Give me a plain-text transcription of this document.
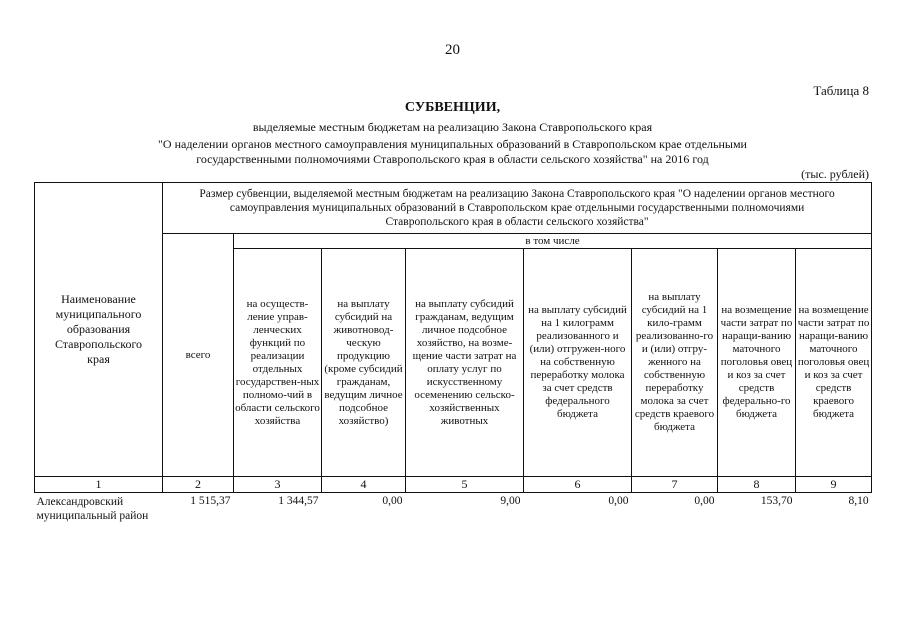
20
Таблица 8
СУБВЕНЦИИ,
выделяемые местным бюджетам на реализацию Закона Ставропольского края
"О наделении органов местного самоуправления муниципальных образований в Ставропольском крае отдельными
государственными полномочиями Ставропольского края в области сельского хозяйства" на 2016 год
(тыс. рублей)
Наименование муниципального образования Ставропольского края	Размер субвенции, выделяемой местным бюджетам на реализацию Закона Ставропольского края "О наделении органов местного самоуправления муниципальных образований в Ставропольском крае отдельными государственными полномочиями Ставропольского края в области сельского хозяйства"							
	всего	в том числе						
		на осуществ-ление управ-ленческих функций по реализации отдельных государствен-ных полномо-чий в области сельского хозяйства	на выплату субсидий на животновод-ческую продукцию (кроме субсидий гражданам, ведущим личное подсобное хозяйство)	на выплату субсидий гражданам, ведущим личное подсобное хозяйство, на возме-щение части затрат на оплату услуг по искусственному осеменению сельско-хозяйственных животных	на выплату субсидий на 1 килограмм реализованного и (или) отгружен-ного на собственную переработку молока за счет средств федерального бюджета	на выплату субсидий на 1 кило-грамм реализованно-го и (или) отгру-женного на собственную переработку молока за счет средств краевого бюджета	на возмещение части затрат по наращи-ванию маточного поголовья овец и коз за счет средств федерально-го бюджета	на возмещение части затрат по наращи-ванию маточного поголовья овец и коз за счет средств краевого бюджета
1	2	3	4	5	6	7	8	9
Александровский муниципальный район	1 515,37	1 344,57	0,00	9,00	0,00	0,00	153,70	8,10
